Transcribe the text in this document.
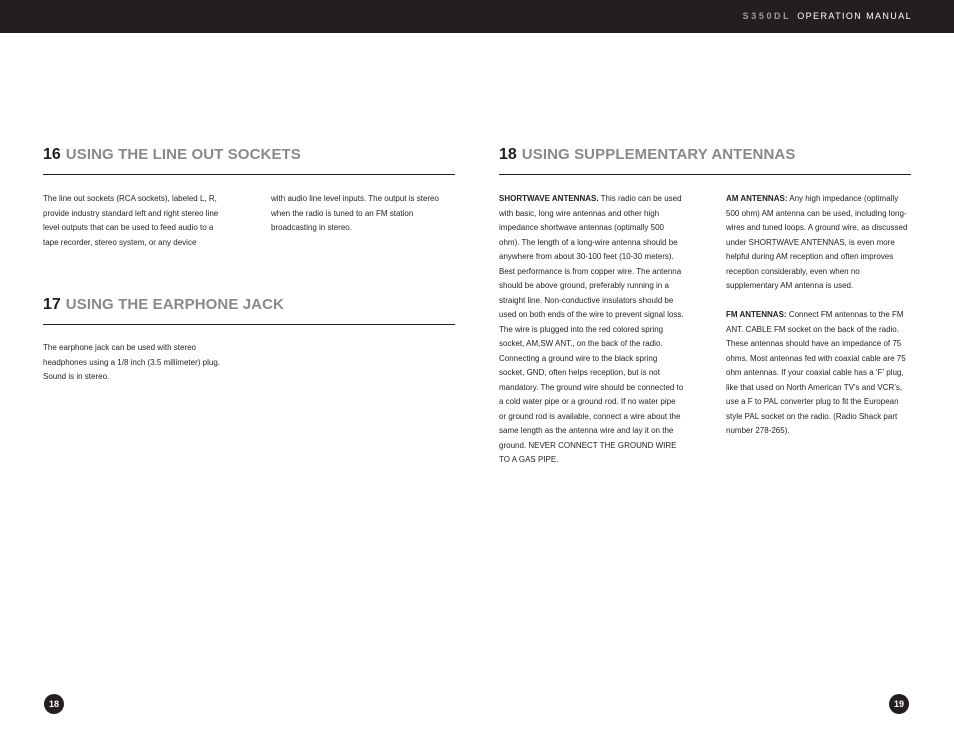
S350DL OPERATION MANUAL
16 USING THE LINE OUT SOCKETS

The line out sockets (RCA sockets), labeled L, R, provide industry standard left and right stereo line level outputs that can be used to feed audio to a tape recorder, stereo system, or any device

with audio line level inputs. The output is stereo when the radio is tuned to an FM station broadcasting in stereo.

17 USING THE EARPHONE JACK

The earphone jack can be used with stereo headphones using a 1/8 inch (3.5 millimeter) plug. Sound is in stereo.

18 USING SUPPLEMENTARY ANTENNAS

SHORTWAVE ANTENNAS. This radio can be used with basic, long wire antennas and other high impedance shortwave antennas (optimally 500 ohm). The length of a long-wire antenna should be anywhere from about 30-100 feet (10-30 meters). Best performance is from copper wire. The antenna should be above ground, preferably running in a straight line. Non-conductive insulators should be used on both ends of the wire to prevent signal loss. The wire is plugged into the red colored spring socket, AM,SW ANT., on the back of the radio. Connecting a ground wire to the black spring socket, GND, often helps reception, but is not mandatory. The ground wire should be connected to a cold water pipe or a ground rod. If no water pipe or ground rod is available, connect a wire about the same length as the antenna wire and lay it on the ground. NEVER CONNECT THE GROUND WIRE TO A GAS PIPE.

AM ANTENNAS: Any high impedance (optimally 500 ohm) AM antenna can be used, including long-wires and tuned loops. A ground wire, as discussed under SHORTWAVE ANTENNAS, is even more helpful during AM reception and often improves reception considerably, even when no supplementary AM antenna is used.

FM ANTENNAS: Connect FM antennas to the FM ANT. CABLE FM socket on the back of the radio. These antennas should have an impedance of 75 ohms. Most antennas fed with coaxial cable are 75 ohm antennas. If your coaxial cable has a ‘F’ plug, like that used on North American TV’s and VCR’s, use a F to PAL converter plug to fit the European style PAL socket on the radio. (Radio Shack part number 278-265).

18	19
